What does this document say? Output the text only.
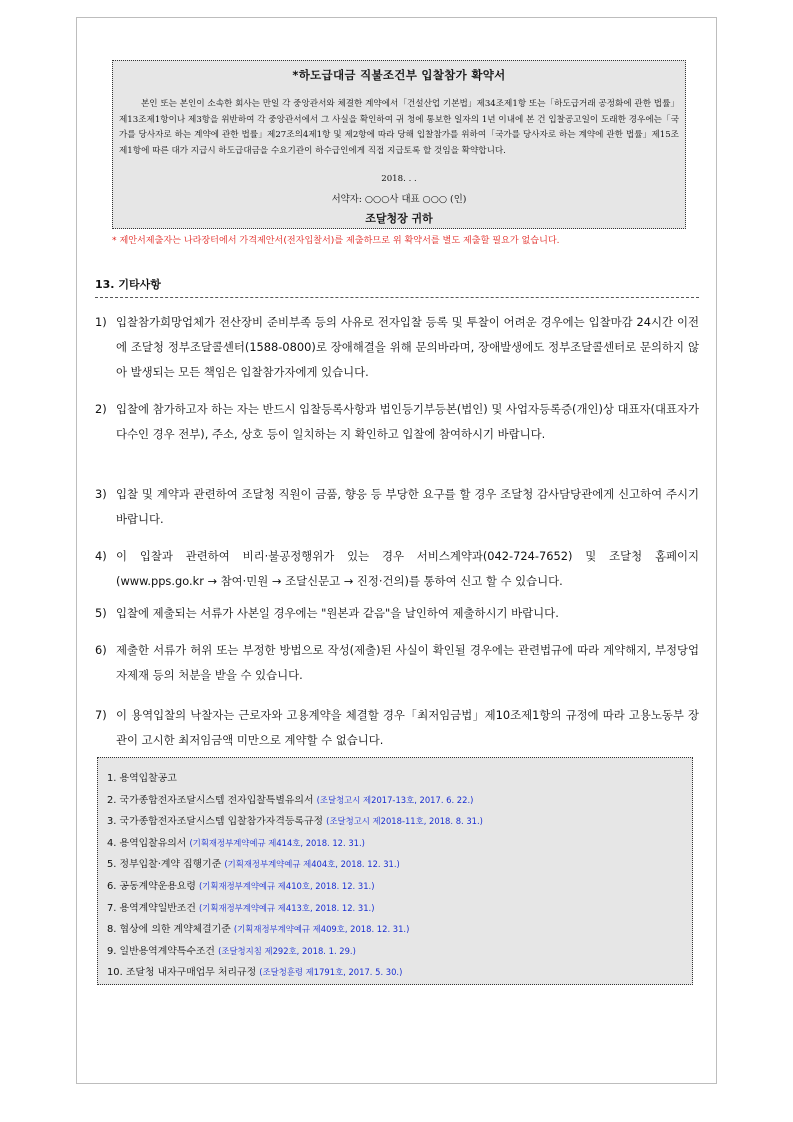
*하도급대금 직불조건부 입찰참가 확약서
본인 또는 본인이 소속한 회사는 만일 각 중앙관서와 체결한 계약에서「건설산업 기본법」제34조제1항 또는「하도급거래 공정화에 관한 법률」제13조제1항이나 제3항을 위반하여 각 중앙관서에서 그 사실을 확인하여 귀 청에 통보한 일자의 1년 이내에 본 건 입찰공고일이 도래한 경우에는「국가를 당사자로 하는 계약에 관한 법률」제27조의4제1항 및 제2항에 따라 당해 입찰참가를 위하여「국가를 당사자로 하는 계약에 관한 법률」제15조제1항에 따른 대가 지급시 하도급대금을 수요기관이 하수급인에게 직접 지급토록 할 것임을 확약합니다.
2018. . .
서약자: ○○○사 대표 ○○○ (인)
조달청장 귀하
* 제안서제출자는 나라장터에서 가격제안서(전자입찰서)를 제출하므로 위 확약서를 별도 제출할 필요가 없습니다.
13. 기타사항
1) 입찰참가희망업체가 전산장비 준비부족 등의 사유로 전자입찰 등록 및 투찰이 어려운 경우에는 입찰마감 24시간 이전에 조달청 정부조달콜센터(1588-0800)로 장애해결을 위해 문의바라며, 장애발생에도 정부조달콜센터로 문의하지 않아 발생되는 모든 책임은 입찰참가자에게 있습니다.
2) 입찰에 참가하고자 하는 자는 반드시 입찰등록사항과 법인등기부등본(법인) 및 사업자등록증(개인)상 대표자(대표자가 다수인 경우 전부), 주소, 상호 등이 일치하는 지 확인하고 입찰에 참여하시기 바랍니다.
3) 입찰 및 계약과 관련하여 조달청 직원이 금품, 향응 등 부당한 요구를 할 경우 조달청 감사담당관에게 신고하여 주시기 바랍니다.
4) 이 입찰과 관련하여 비리·불공정행위가 있는 경우 서비스계약과(042-724-7652) 및 조달청 홈페이지(www.pps.go.kr → 참여·민원 → 조달신문고 → 진정·건의)를 통하여 신고 할 수 있습니다.
5) 입찰에 제출되는 서류가 사본일 경우에는 "원본과 같음"을 날인하여 제출하시기 바랍니다.
6) 제출한 서류가 허위 또는 부정한 방법으로 작성(제출)된 사실이 확인될 경우에는 관련법규에 따라 계약해지, 부정당업자제재 등의 처분을 받을 수 있습니다.
7) 이 용역입찰의 낙찰자는 근로자와 고용계약을 체결할 경우「최저임금법」제10조제1항의 규정에 따라 고용노동부 장관이 고시한 최저임금액 미만으로 계약할 수 없습니다.
1. 용역입찰공고
2. 국가종합전자조달시스템 전자입찰특별유의서 (조달청고시 제2017-13호, 2017. 6. 22.)
3. 국가종합전자조달시스템 입찰참가자격등록규정 (조달청고시 제2018-11호, 2018. 8. 31.)
4. 용역입찰유의서 (기획재정부계약예규 제414호, 2018. 12. 31.)
5. 정부입찰·계약 집행기준 (기획재정부계약예규 제404호, 2018. 12. 31.)
6. 공동계약운용요령 (기획재정부계약예규 제410호, 2018. 12. 31.)
7. 용역계약일반조건 (기획재정부계약예규 제413호, 2018. 12. 31.)
8. 협상에 의한 계약체결기준 (기획재정부계약예규 제409호, 2018. 12. 31.)
9. 일반용역계약특수조건 (조달청지침 제292호, 2018. 1. 29.)
10. 조달청 내자구매업무 처리규정 (조달청훈령 제1791호, 2017. 5. 30.)
